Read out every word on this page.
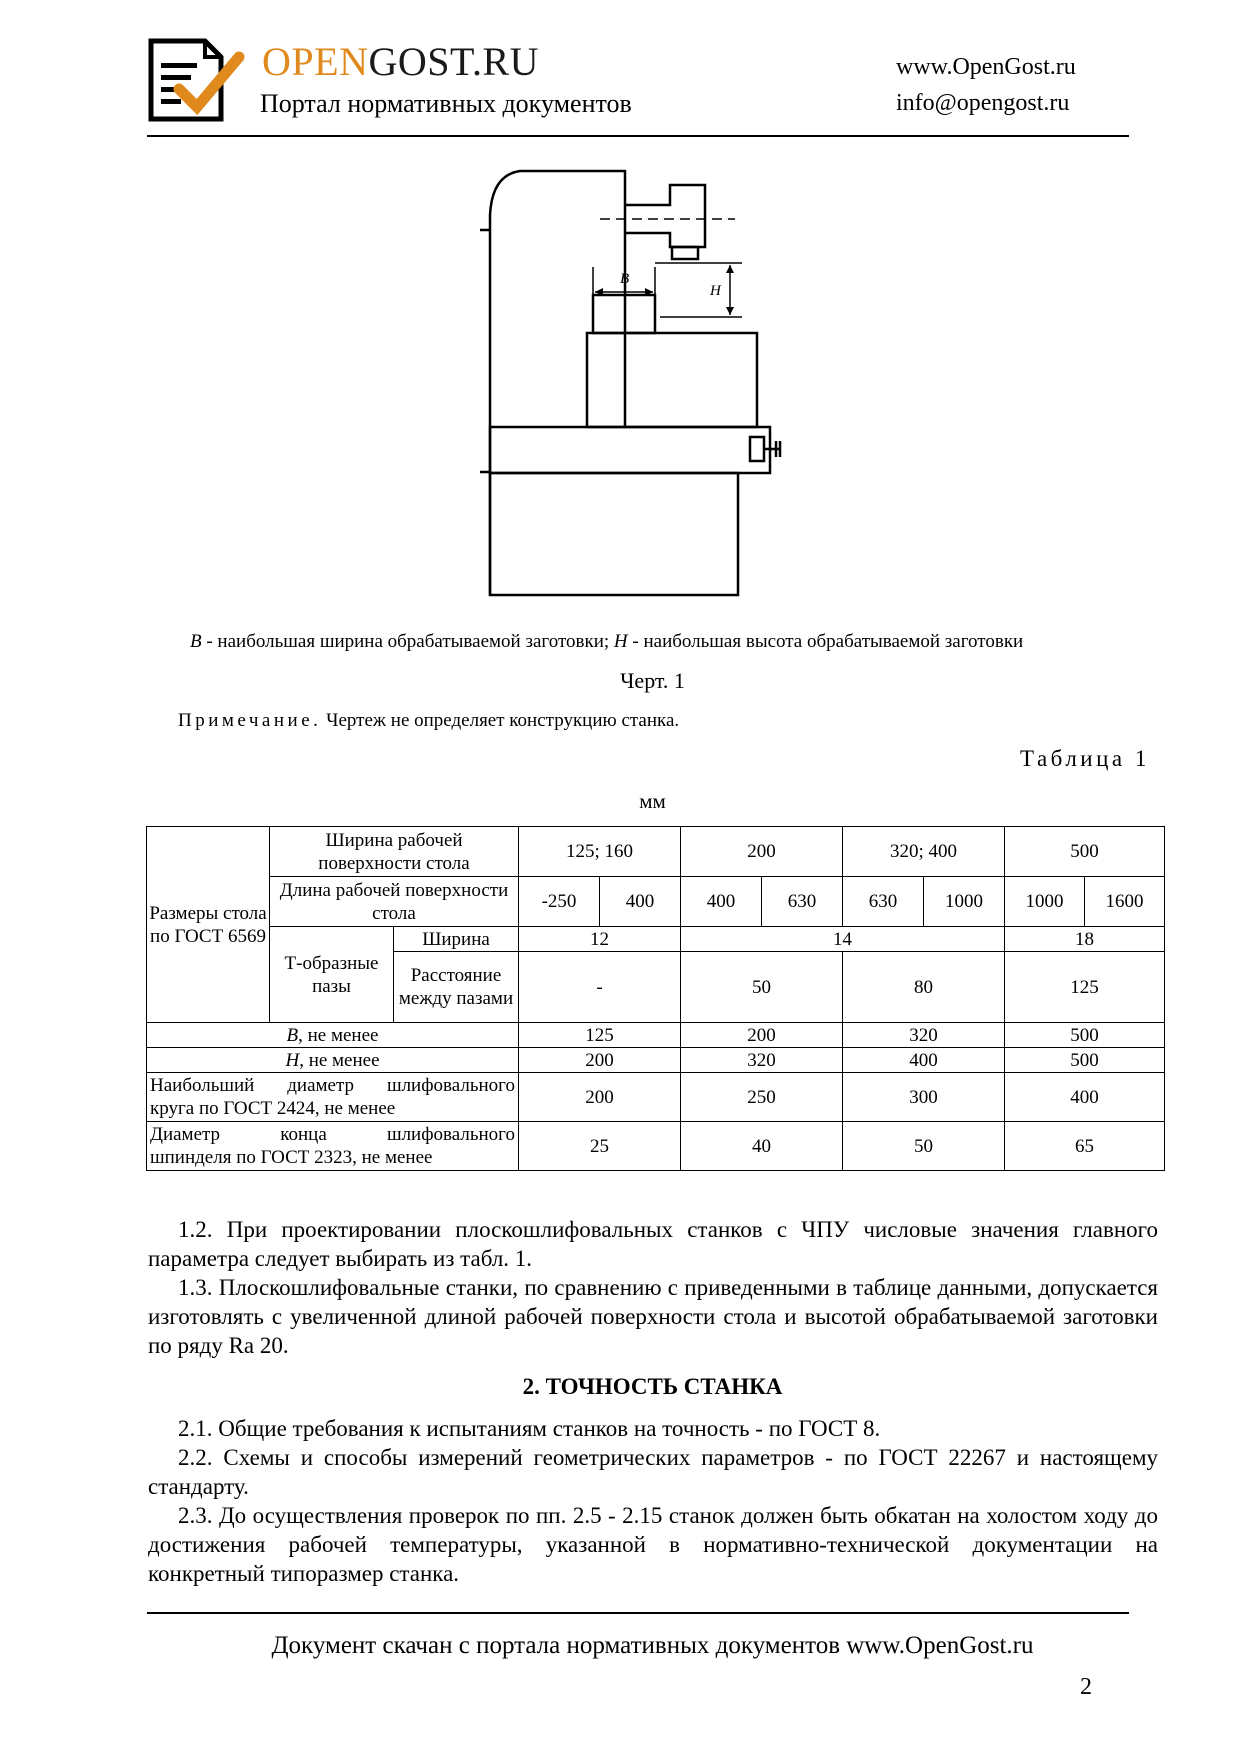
OPENGOST.RU
Портал нормативных документов
www.OpenGost.ru
info@opengost.ru
B
H
B - наибольшая ширина обрабатываемой заготовки; H - наибольшая высота обрабатываемой заготовки
Черт. 1
Примечание. Чертеж не определяет конструкцию станка.
Таблица 1
мм
Размеры стола по ГОСТ 6569	Ширина рабочей поверхности стола		125; 160		200		320; 400		500	
	Длина рабочей поверхности стола		-250	400	400	630	630	1000	1000	1600
	Т-образные пазы	Ширина	12		14				18	
		Расстояние между пазами	-		50		80		125	
B, не менее			125		200		320		500	
H, не менее			200		320		400		500	

Наибольший диаметр шлифовального
круга по ГОСТ 2424, не менее			200		250		300		400	

Диаметр конца шлифовального
шпинделя по ГОСТ 2323, не менее			25		40		50		65	
1.2. При проектировании плоскошлифовальных станков с ЧПУ числовые значения главного параметра следует выбирать из табл. 1.
1.3. Плоскошлифовальные станки, по сравнению с приведенными в таблице данными, допускается изготовлять с увеличенной длиной рабочей поверхности стола и высотой обрабатываемой заготовки по ряду Ra 20.
2. ТОЧНОСТЬ СТАНКА
2.1. Общие требования к испытаниям станков на точность - по ГОСТ 8.
2.2. Схемы и способы измерений геометрических параметров - по ГОСТ 22267 и настоящему стандарту.
2.3. До осуществления проверок по пп. 2.5 - 2.15 станок должен быть обкатан на холостом ходу до достижения рабочей температуры, указанной в нормативно-технической документации на конкретный типоразмер станка.
Документ скачан с портала нормативных документов www.OpenGost.ru
2
